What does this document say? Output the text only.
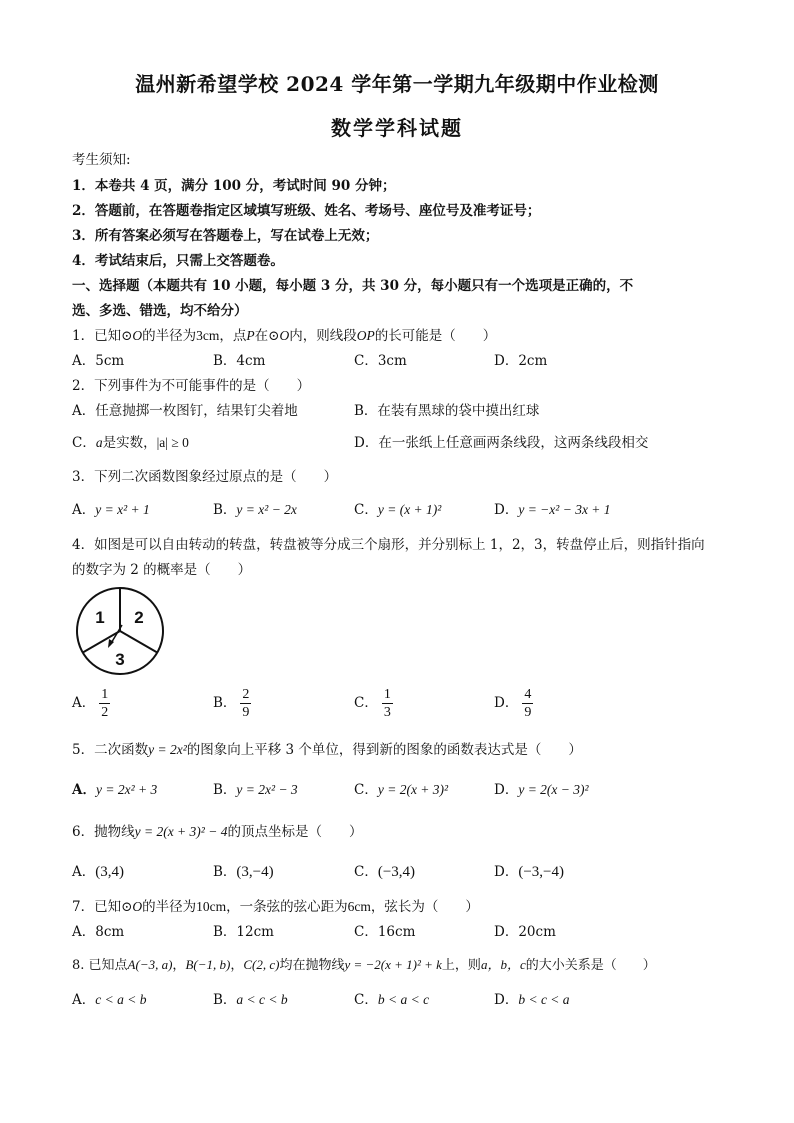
温州新希望学校 2024 学年第一学期九年级期中作业检测
数学学科试题
考生须知:
1．本卷共 4 页，满分 100 分，考试时间 90 分钟；
2．答题前，在答题卷指定区域填写班级、姓名、考场号、座位号及准考证号；
3．所有答案必须写在答题卷上，写在试卷上无效；
4．考试结束后，只需上交答题卷。
一、选择题（本题共有 10 小题，每小题 3 分，共 30 分，每小题只有一个选项是正确的，不
选、多选、错选，均不给分）
1．已知⊙O的半径为3cm，点P在⊙O内，则线段OP的长可能是（　　）
A．5cm	B．4cm	C．3cm	D．2cm
2．下列事件为不可能事件的是（　　）
A．任意抛掷一枚图钉，结果钉尖着地	B．在装有黑球的袋中摸出红球
C．a是实数，|a| ≥ 0	D．在一张纸上任意画两条线段，这两条线段相交
3．下列二次函数图象经过原点的是（　　）
A．y = x² + 1	B．y = x² − 2x	C．y = (x + 1)²	D．y = −x² − 3x + 1
4．如图是可以自由转动的转盘，转盘被等分成三个扇形，并分别标上 1，2，3，转盘停止后，则指针指向
的数字为 2 的概率是（　　）
1 2
3
A． $\frac{1}{2}$	B． $\frac{2}{9}$	C． $\frac{1}{3}$	D． $\frac{4}{9}$
5．二次函数y = 2x²的图象向上平移 3 个单位，得到新的图象的函数表达式是（　　）
A．y = 2x² + 3	B．y = 2x² − 3	C．y = 2(x + 3)²	D．y = 2(x − 3)²
6．抛物线y = 2(x + 3)² − 4的顶点坐标是（　　）
A．(3,4)	B．(3,−4)	C．(−3,4)	D．(−3,−4)
7．已知⊙O的半径为10cm，一条弦的弦心距为6cm，弦长为（　　）
A．8cm	B．12cm	C．16cm	D．20cm
8. 已知点A(−3, a)，B(−1, b)，C(2, c)均在抛物线y = −2(x + 1)² + k上，则a，b，c的大小关系是（　　）
A．c < a < b	B．a < c < b	C．b < a < c	D．b < c < a
